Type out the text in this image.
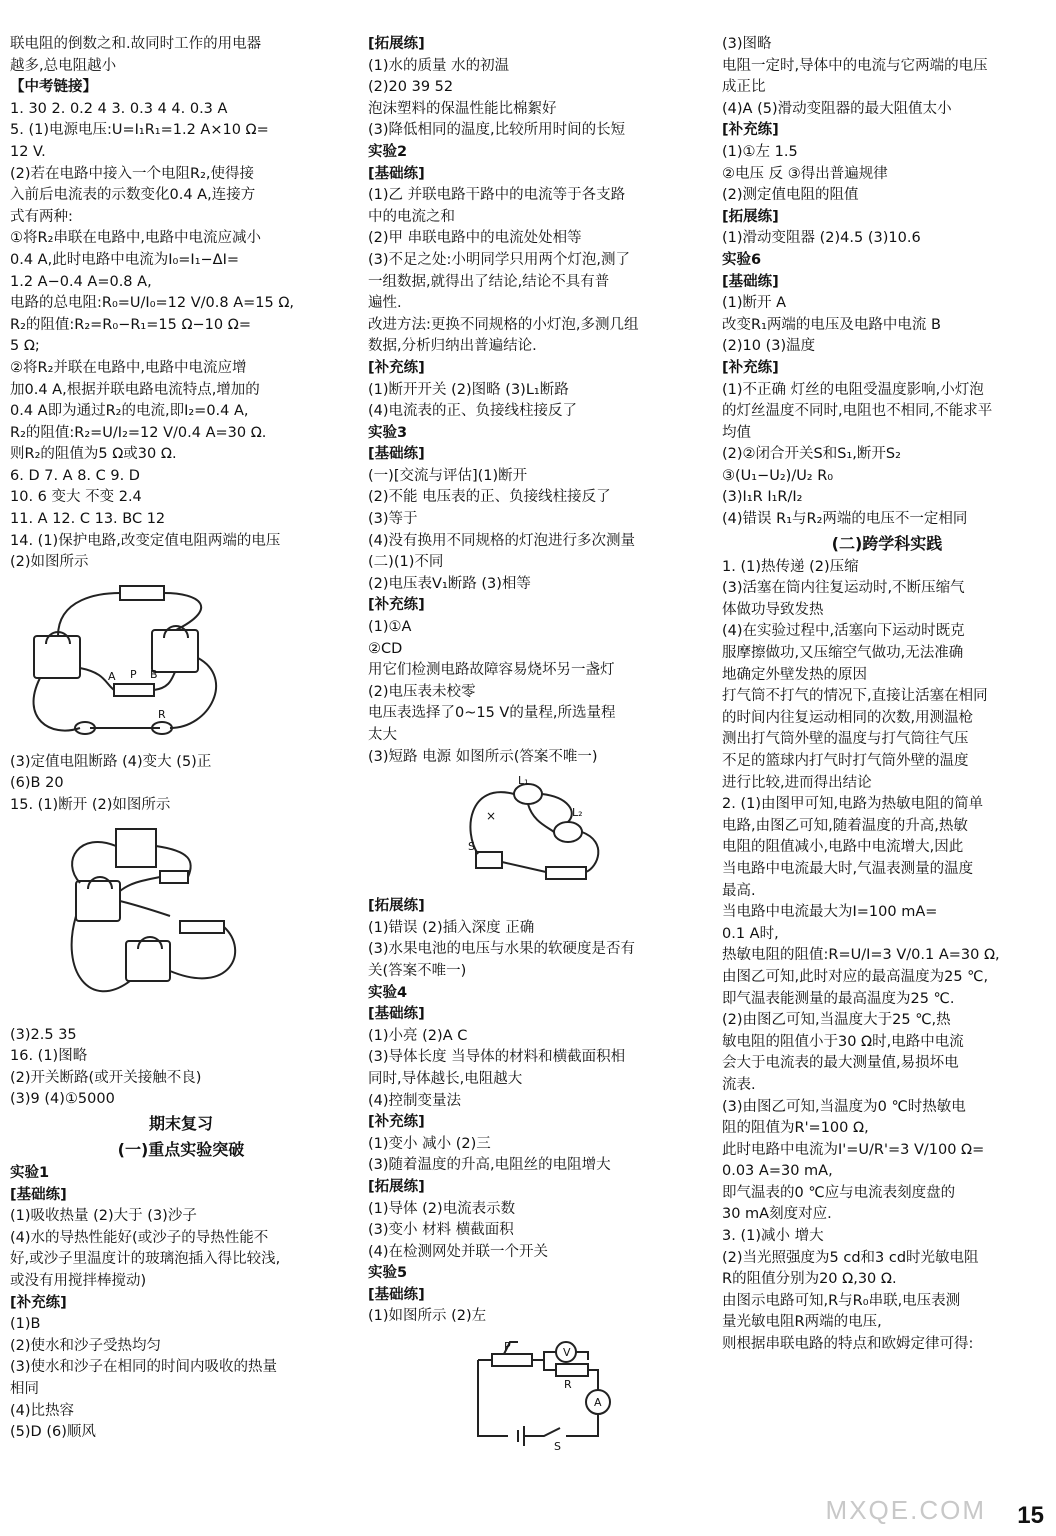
联电阻的倒数之和.故同时工作的用电器
越多,总电阻越小
【中考链接】
1. 30 2. 0.2 4 3. 0.3 4 4. 0.3 A
5. (1)电源电压:U=I₁R₁=1.2 A×10 Ω=
12 V.
(2)若在电路中接入一个电阻R₂,使得接
入前后电流表的示数变化0.4 A,连接方
式有两种:
①将R₂串联在电路中,电路中电流应减小
0.4 A,此时电路中电流为I₀=I₁−ΔI=
1.2 A−0.4 A=0.8 A,
电路的总电阻:R₀=U/I₀=12 V/0.8 A=15 Ω,
R₂的阻值:R₂=R₀−R₁=15 Ω−10 Ω=
5 Ω;
②将R₂并联在电路中,电路中电流应增
加0.4 A,根据并联电路电流特点,增加的
0.4 A即为通过R₂的电流,即I₂=0.4 A,
R₂的阻值:R₂=U/I₂=12 V/0.4 A=30 Ω.
则R₂的阻值为5 Ω或30 Ω.
6. D 7. A 8. C 9. D
10. 6 变大 不变 2.4
11. A 12. C 13. BC 12
14. (1)保护电路,改变定值电阻两端的电压
(2)如图所示
A P B
R
(3)定值电阻断路 (4)变大 (5)正
(6)B 20
15. (1)断开 (2)如图所示
(3)2.5 35
16. (1)图略
(2)开关断路(或开关接触不良)
(3)9 (4)①5000
期末复习
(一)重点实验突破
实验1
[基础练]
(1)吸收热量 (2)大于 (3)沙子
(4)水的导热性能好(或沙子的导热性能不
好,或沙子里温度计的玻璃泡插入得比较浅,
或没有用搅拌棒搅动)
[补充练]
(1)B
(2)使水和沙子受热均匀
(3)使水和沙子在相同的时间内吸收的热量
相同
(4)比热容
(5)D (6)顺风
[拓展练]
(1)水的质量 水的初温
(2)20 39 52
泡沫塑料的保温性能比棉絮好
(3)降低相同的温度,比较所用时间的长短
实验2
[基础练]
(1)乙 并联电路干路中的电流等于各支路
中的电流之和
(2)甲 串联电路中的电流处处相等
(3)不足之处:小明同学只用两个灯泡,测了
一组数据,就得出了结论,结论不具有普
遍性.
改进方法:更换不同规格的小灯泡,多测几组
数据,分析归纳出普遍结论.
[补充练]
(1)断开开关 (2)图略 (3)L₁断路
(4)电流表的正、负接线柱接反了
实验3
[基础练]
(一)[交流与评估](1)断开
(2)不能 电压表的正、负接线柱接反了
(3)等于
(4)没有换用不同规格的灯泡进行多次测量
(二)(1)不同
(2)电压表V₁断路 (3)相等
[补充练]
(1)①A
②CD
用它们检测电路故障容易烧坏另一盏灯
(2)电压表未校零
电压表选择了0~15 V的量程,所选量程
太大
(3)短路 电源 如图所示(答案不唯一)
L₁
L₂
S
×
[拓展练]
(1)错误 (2)插入深度 正确
(3)水果电池的电压与水果的软硬度是否有
关(答案不唯一)
实验4
[基础练]
(1)小亮 (2)A C
(3)导体长度 当导体的材料和横截面积相
同时,导体越长,电阻越大
(4)控制变量法
[补充练]
(1)变小 减小 (2)三
(3)随着温度的升高,电阻丝的电阻增大
[拓展练]
(1)导体 (2)电流表示数
(3)变小 材料 横截面积
(4)在检测网处并联一个开关
实验5
[基础练]
(1)如图所示 (2)左
V
A
P
R
S
(3)图略
电阻一定时,导体中的电流与它两端的电压
成正比
(4)A (5)滑动变阻器的最大阻值太小
[补充练]
(1)①左 1.5
②电压 反 ③得出普遍规律
(2)测定值电阻的阻值
[拓展练]
(1)滑动变阻器 (2)4.5 (3)10.6
实验6
[基础练]
(1)断开 A
改变R₁两端的电压及电路中电流 B
(2)10 (3)温度
[补充练]
(1)不正确 灯丝的电阻受温度影响,小灯泡
的灯丝温度不同时,电阻也不相同,不能求平
均值
(2)②闭合开关S和S₁,断开S₂
③(U₁−U₂)/U₂ R₀
(3)I₁R I₁R/I₂
(4)错误 R₁与R₂两端的电压不一定相同
(二)跨学科实践
1. (1)热传递 (2)压缩
(3)活塞在筒内往复运动时,不断压缩气
体做功导致发热
(4)在实验过程中,活塞向下运动时既克
服摩擦做功,又压缩空气做功,无法准确
地确定外壁发热的原因
打气筒不打气的情况下,直接让活塞在相同
的时间内往复运动相同的次数,用测温枪
测出打气筒外壁的温度与打气筒往气压
不足的篮球内打气时打气筒外壁的温度
进行比较,进而得出结论
2. (1)由图甲可知,电路为热敏电阻的简单
电路,由图乙可知,随着温度的升高,热敏
电阻的阻值减小,电路中电流增大,因此
当电路中电流最大时,气温表测量的温度
最高.
当电路中电流最大为I=100 mA=
0.1 A时,
热敏电阻的阻值:R=U/I=3 V/0.1 A=30 Ω,
由图乙可知,此时对应的最高温度为25 ℃,
即气温表能测量的最高温度为25 ℃.
(2)由图乙可知,当温度大于25 ℃,热
敏电阻的阻值小于30 Ω时,电路中电流
会大于电流表的最大测量值,易损坏电
流表.
(3)由图乙可知,当温度为0 ℃时热敏电
阻的阻值为R'=100 Ω,
此时电路中电流为I'=U/R'=3 V/100 Ω=
0.03 A=30 mA,
即气温表的0 ℃应与电流表刻度盘的
30 mA刻度对应.
3. (1)减小 增大
(2)当光照强度为5 cd和3 cd时光敏电阻
R的阻值分别为20 Ω,30 Ω.
由图示电路可知,R与R₀串联,电压表测
量光敏电阻R两端的电压,
则根据串联电路的特点和欧姆定律可得:
MXQE.COM 15
